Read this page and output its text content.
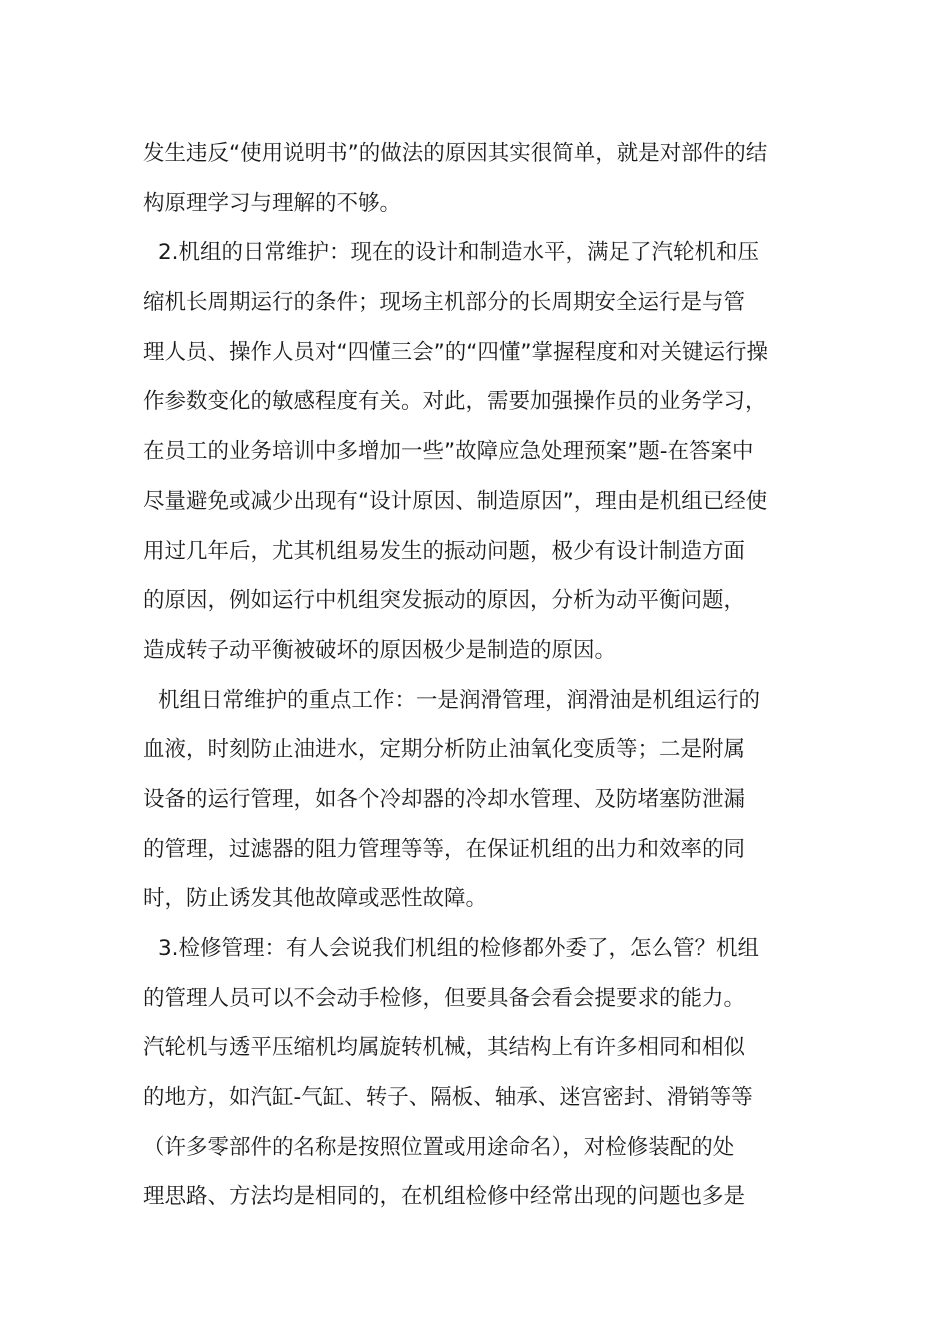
发生违反“使用说明书”的做法的原因其实很简单，就是对部件的结
构原理学习与理解的不够。
2.机组的日常维护：现在的设计和制造水平，满足了汽轮机和压
缩机长周期运行的条件；现场主机部分的长周期安全运行是与管
理人员、操作人员对“四懂三会”的“四懂”掌握程度和对关键运行操
作参数变化的敏感程度有关。对此，需要加强操作员的业务学习，
在员工的业务培训中多增加一些”故障应急处理预案”题-在答案中
尽量避免或减少出现有“设计原因、制造原因”，理由是机组已经使
用过几年后，尤其机组易发生的振动问题，极少有设计制造方面
的原因，例如运行中机组突发振动的原因，分析为动平衡问题，
造成转子动平衡被破坏的原因极少是制造的原因。
机组日常维护的重点工作：一是润滑管理，润滑油是机组运行的
血液，时刻防止油进水，定期分析防止油氧化变质等；二是附属
设备的运行管理，如各个冷却器的冷却水管理、及防堵塞防泄漏
的管理，过滤器的阻力管理等等，在保证机组的出力和效率的同
时，防止诱发其他故障或恶性故障。
3.检修管理：有人会说我们机组的检修都外委了，怎么管？机组
的管理人员可以不会动手检修，但要具备会看会提要求的能力。
汽轮机与透平压缩机均属旋转机械，其结构上有许多相同和相似
的地方，如汽缸-气缸、转子、隔板、轴承、迷宫密封、滑销等等
（许多零部件的名称是按照位置或用途命名），对检修装配的处
理思路、方法均是相同的，在机组检修中经常出现的问题也多是
